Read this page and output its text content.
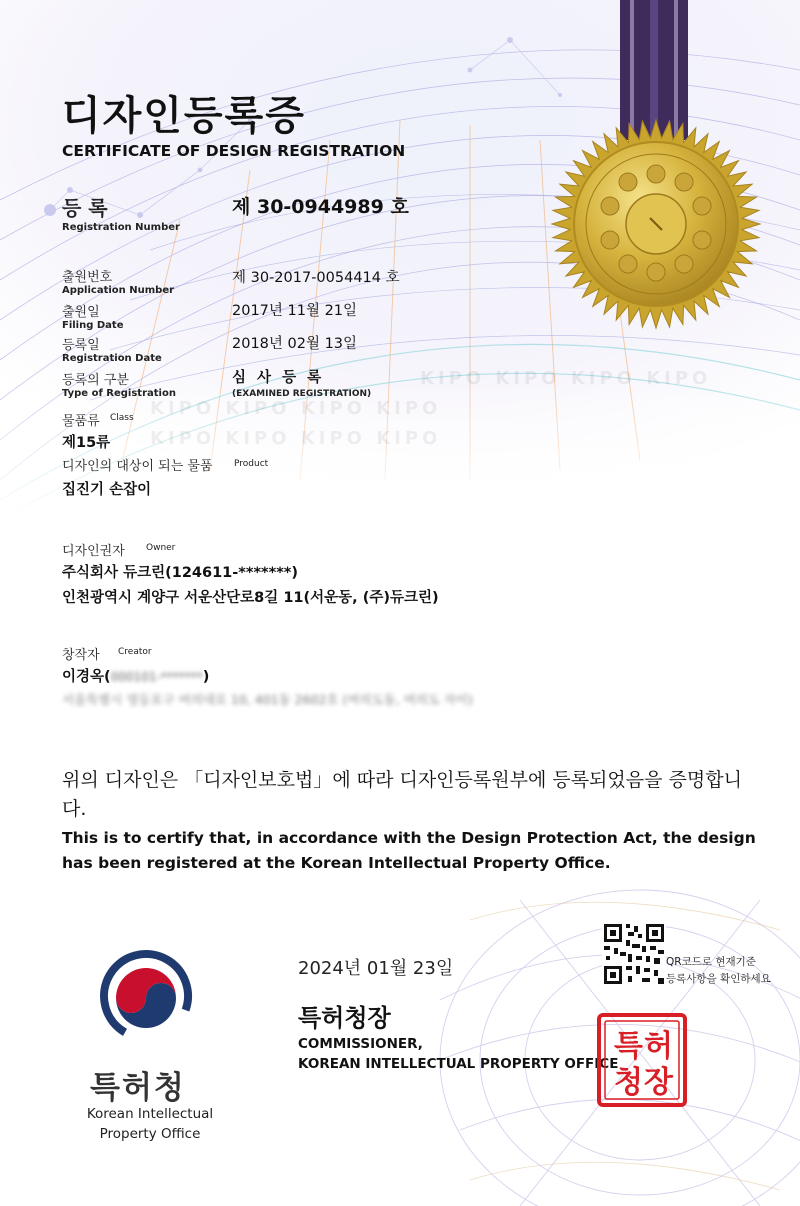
디자인등록증
CERTIFICATE OF DESIGN REGISTRATION
등 록
Registration Number
제 30-0944989 호
출원번호
Application Number
제 30-2017-0054414 호
출원일
Filing Date
2017년 11월 21일
등록일
Registration Date
2018년 02월 13일
등록의 구분
Type of Registration
심 사 등 록
(EXAMINED REGISTRATION)
KIPO KIPO KIPO KIPO
KIPO KIPO KIPO KIPO
KIPO KIPO KIPO KIPO
물품류 Class
제15류
디자인의 대상이 되는 물품 Product
집진기 손잡이
디자인권자 Owner
주식회사 듀크린(124611-*******)
인천광역시 계양구 서운산단로8길 11(서운동, (주)듀크린)
창작자 Creator
이경옥(000101-*******)
서울특별시 영등포구 여의대로 10, 401동 2602호 (여의도동, 여의도 자이)
위의 디자인은 「디자인보호법」에 따라 디자인등록원부에 등록되었음을 증명합니다.
This is to certify that, in accordance with the Design Protection Act, the design has been registered at the Korean Intellectual Property Office.
특허청
Korean Intellectual
Property Office
2024년 01월 23일
특허청장
COMMISSIONER,
KOREAN INTELLECTUAL PROPERTY OFFICE
QR코드로 현재기준
등록사항을 확인하세요
특 허
청 장
